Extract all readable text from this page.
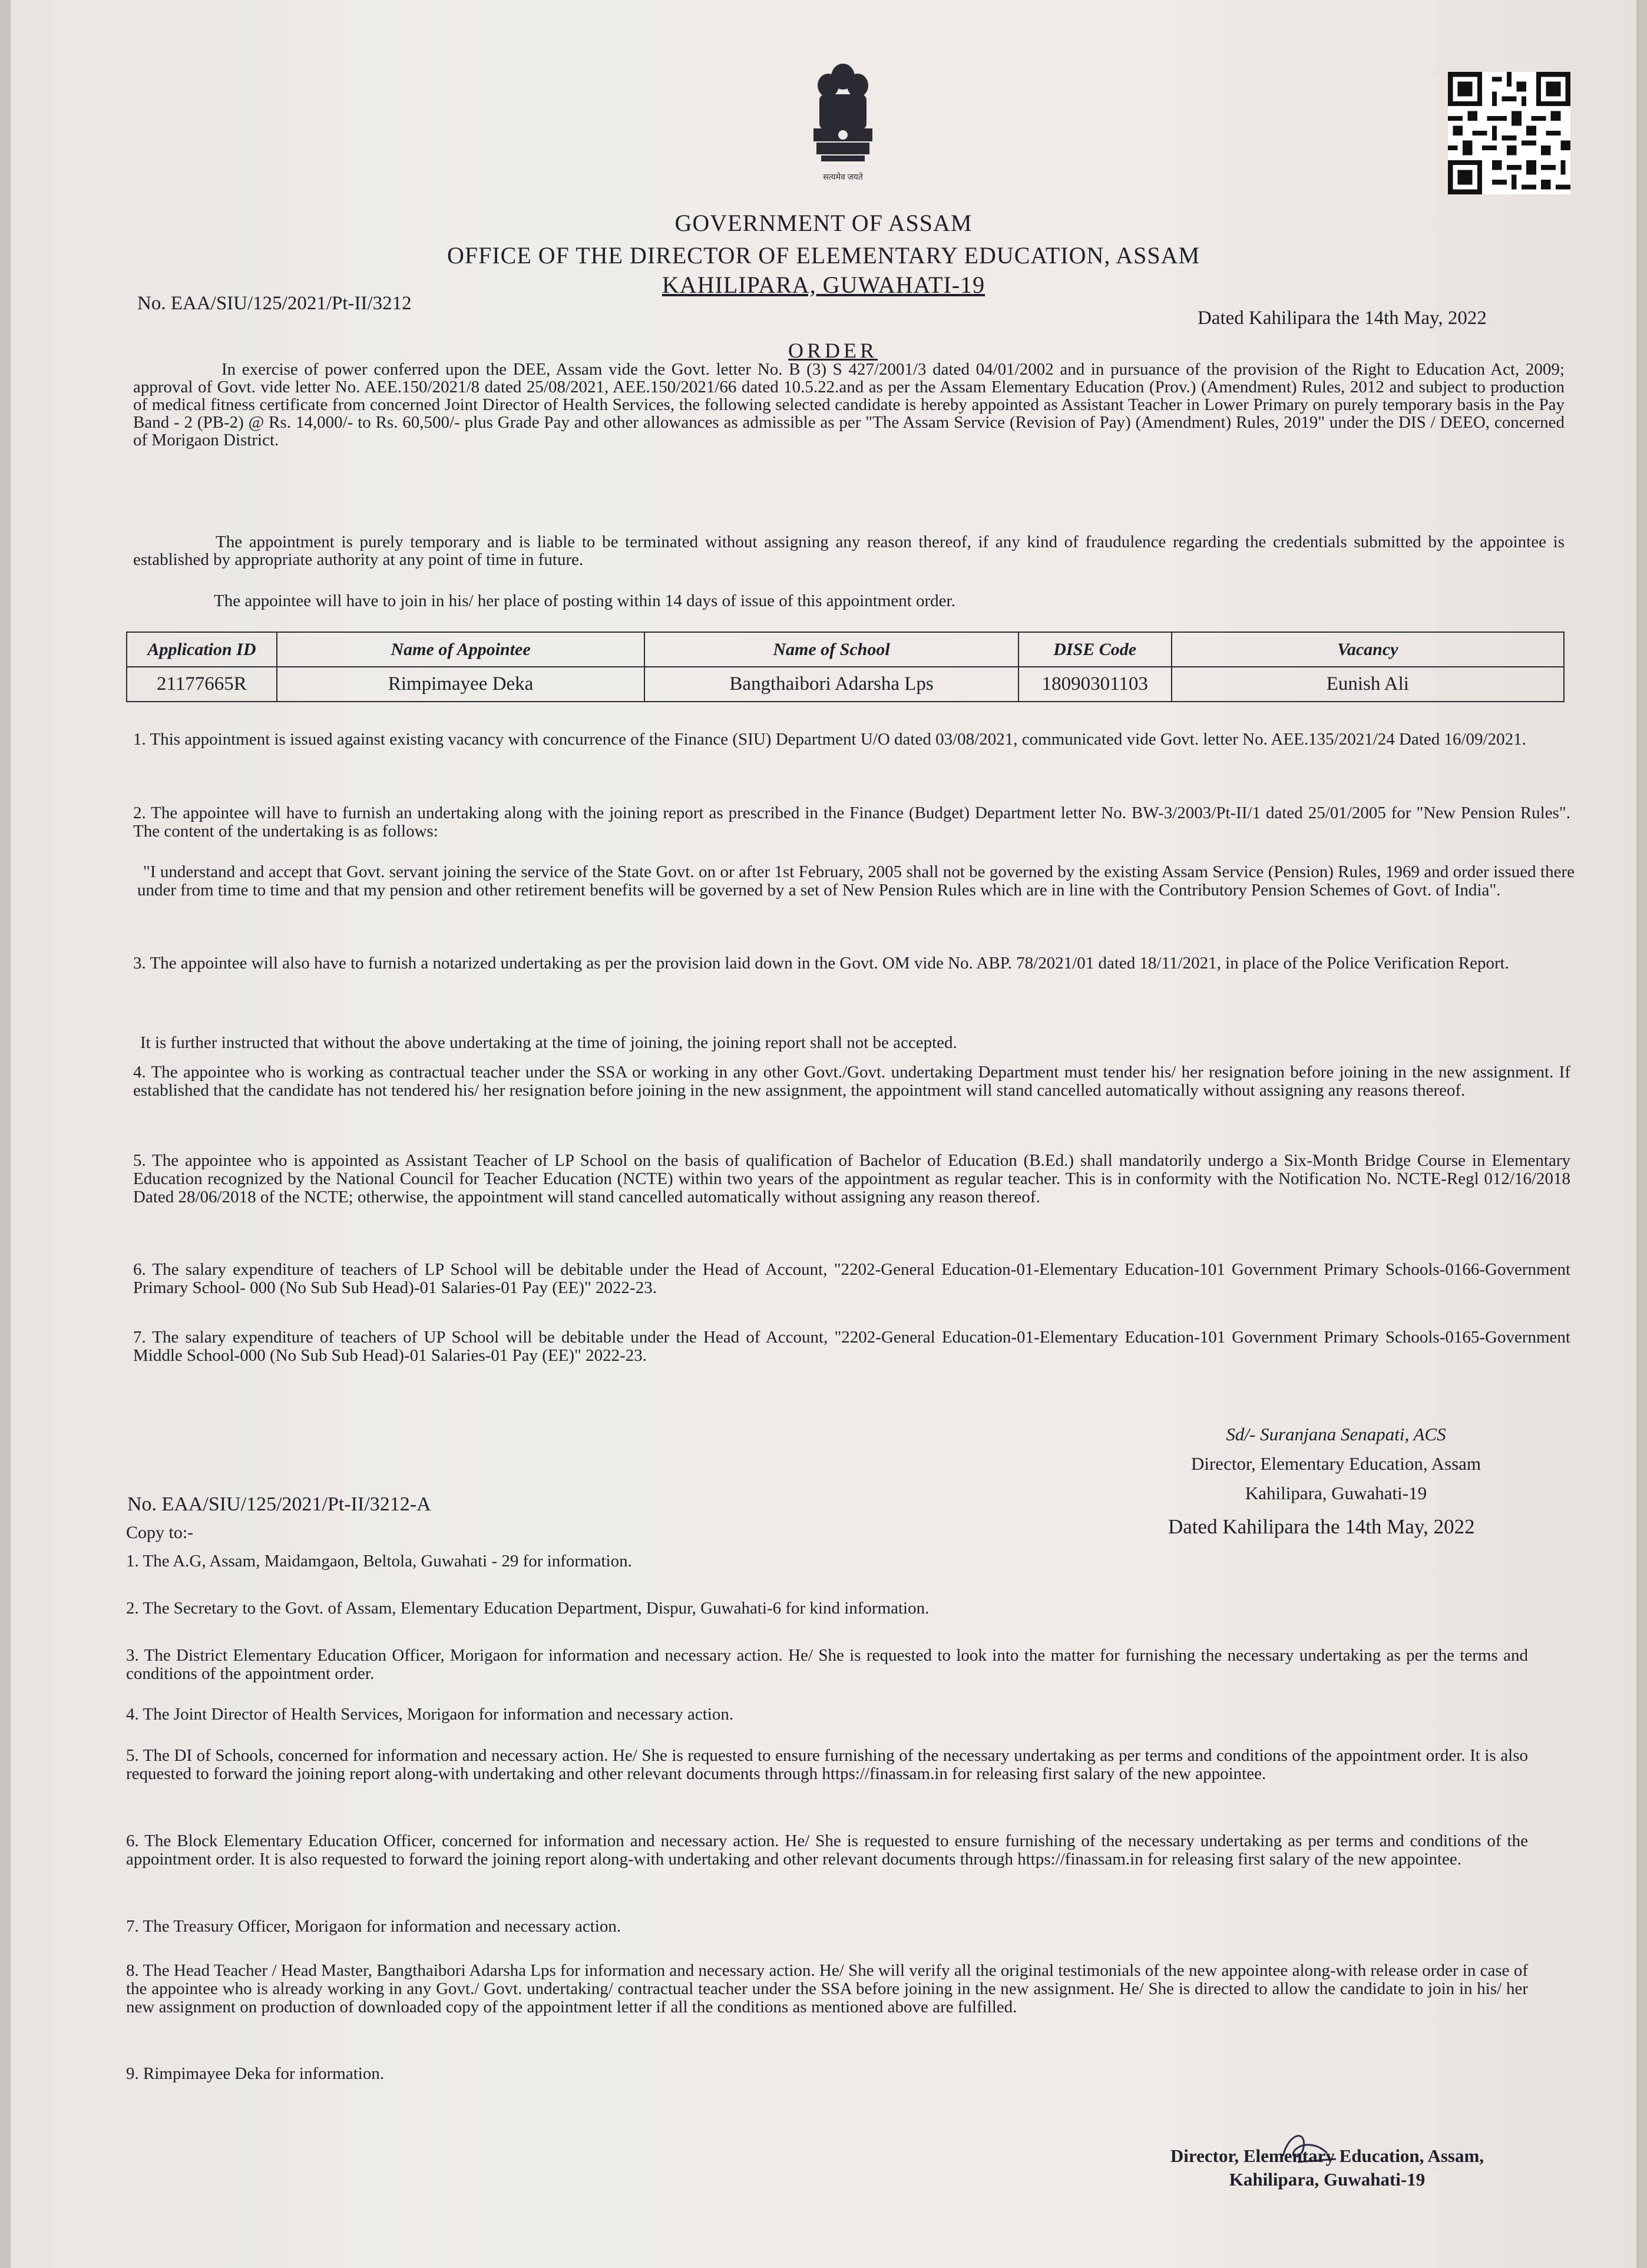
सत्यमेव जयते
GOVERNMENT OF ASSAM
OFFICE OF THE DIRECTOR OF ELEMENTARY EDUCATION, ASSAM
KAHILIPARA, GUWAHATI-19
No. EAA/SIU/125/2021/Pt-II/3212
Dated Kahilipara the 14th May, 2022
ORDER
In exercise of power conferred upon the DEE, Assam vide the Govt. letter No. B (3) S 427/2001/3 dated 04/01/2002 and in pursuance of the provision of the Right to Education Act, 2009; approval of Govt. vide letter No. AEE.150/2021/8 dated 25/08/2021, AEE.150/2021/66 dated 10.5.22.and as per the Assam Elementary Education (Prov.) (Amendment) Rules, 2012 and subject to production of medical fitness certificate from concerned Joint Director of Health Services, the following selected candidate is hereby appointed as Assistant Teacher in Lower Primary on purely temporary basis in the Pay Band - 2 (PB-2) @ Rs. 14,000/- to Rs. 60,500/- plus Grade Pay and other allowances as admissible as per "The Assam Service (Revision of Pay) (Amendment) Rules, 2019" under the DIS / DEEO, concerned of Morigaon District.
The appointment is purely temporary and is liable to be terminated without assigning any reason thereof, if any kind of fraudulence regarding the credentials submitted by the appointee is established by appropriate authority at any point of time in future.
The appointee will have to join in his/ her place of posting within 14 days of issue of this appointment order.
Application ID	Name of Appointee	Name of School	DISE Code	Vacancy
21177665R	Rimpimayee Deka	Bangthaibori Adarsha Lps	18090301103	Eunish Ali
1. This appointment is issued against existing vacancy with concurrence of the Finance (SIU) Department U/O dated 03/08/2021, communicated vide Govt. letter No. AEE.135/2021/24 Dated 16/09/2021.
2. The appointee will have to furnish an undertaking along with the joining report as prescribed in the Finance (Budget) Department letter No. BW-3/2003/Pt-II/1 dated 25/01/2005 for "New Pension Rules". The content of the undertaking is as follows:
"I understand and accept that Govt. servant joining the service of the State Govt. on or after 1st February, 2005 shall not be governed by the existing Assam Service (Pension) Rules, 1969 and order issued there under from time to time and that my pension and other retirement benefits will be governed by a set of New Pension Rules which are in line with the Contributory Pension Schemes of Govt. of India".
3. The appointee will also have to furnish a notarized undertaking as per the provision laid down in the Govt. OM vide No. ABP. 78/2021/01 dated 18/11/2021, in place of the Police Verification Report.
It is further instructed that without the above undertaking at the time of joining, the joining report shall not be accepted.
4. The appointee who is working as contractual teacher under the SSA or working in any other Govt./Govt. undertaking Department must tender his/ her resignation before joining in the new assignment. If established that the candidate has not tendered his/ her resignation before joining in the new assignment, the appointment will stand cancelled automatically without assigning any reasons thereof.
5. The appointee who is appointed as Assistant Teacher of LP School on the basis of qualification of Bachelor of Education (B.Ed.) shall mandatorily undergo a Six-Month Bridge Course in Elementary Education recognized by the National Council for Teacher Education (NCTE) within two years of the appointment as regular teacher. This is in conformity with the Notification No. NCTE-Regl 012/16/2018 Dated 28/06/2018 of the NCTE; otherwise, the appointment will stand cancelled automatically without assigning any reason thereof.
6. The salary expenditure of teachers of LP School will be debitable under the Head of Account, "2202-General Education-01-Elementary Education-101 Government Primary Schools-0166-Government Primary School- 000 (No Sub Sub Head)-01 Salaries-01 Pay (EE)" 2022-23.
7. The salary expenditure of teachers of UP School will be debitable under the Head of Account, "2202-General Education-01-Elementary Education-101 Government Primary Schools-0165-Government Middle School-000 (No Sub Sub Head)-01 Salaries-01 Pay (EE)" 2022-23.
Sd/- Suranjana Senapati, ACS
Director, Elementary Education, Assam
Kahilipara, Guwahati-19
No. EAA/SIU/125/2021/Pt-II/3212-A
Dated Kahilipara the 14th May, 2022
Copy to:-
1. The A.G, Assam, Maidamgaon, Beltola, Guwahati - 29 for information.
2. The Secretary to the Govt. of Assam, Elementary Education Department, Dispur, Guwahati-6 for kind information.
3. The District Elementary Education Officer, Morigaon for information and necessary action. He/ She is requested to look into the matter for furnishing the necessary undertaking as per the terms and conditions of the appointment order.
4. The Joint Director of Health Services, Morigaon for information and necessary action.
5. The DI of Schools, concerned for information and necessary action. He/ She is requested to ensure furnishing of the necessary undertaking as per terms and conditions of the appointment order. It is also requested to forward the joining report along-with undertaking and other relevant documents through https://finassam.in for releasing first salary of the new appointee.
6. The Block Elementary Education Officer, concerned for information and necessary action. He/ She is requested to ensure furnishing of the necessary undertaking as per terms and conditions of the appointment order. It is also requested to forward the joining report along-with undertaking and other relevant documents through https://finassam.in for releasing first salary of the new appointee.
7. The Treasury Officer, Morigaon for information and necessary action.
8. The Head Teacher / Head Master, Bangthaibori Adarsha Lps for information and necessary action. He/ She will verify all the original testimonials of the new appointee along-with release order in case of the appointee who is already working in any Govt./ Govt. undertaking/ contractual teacher under the SSA before joining in the new assignment. He/ She is directed to allow the candidate to join in his/ her new assignment on production of downloaded copy of the appointment letter if all the conditions as mentioned above are fulfilled.
9. Rimpimayee Deka for information.
Director, Elementary Education, Assam,
Kahilipara, Guwahati-19
